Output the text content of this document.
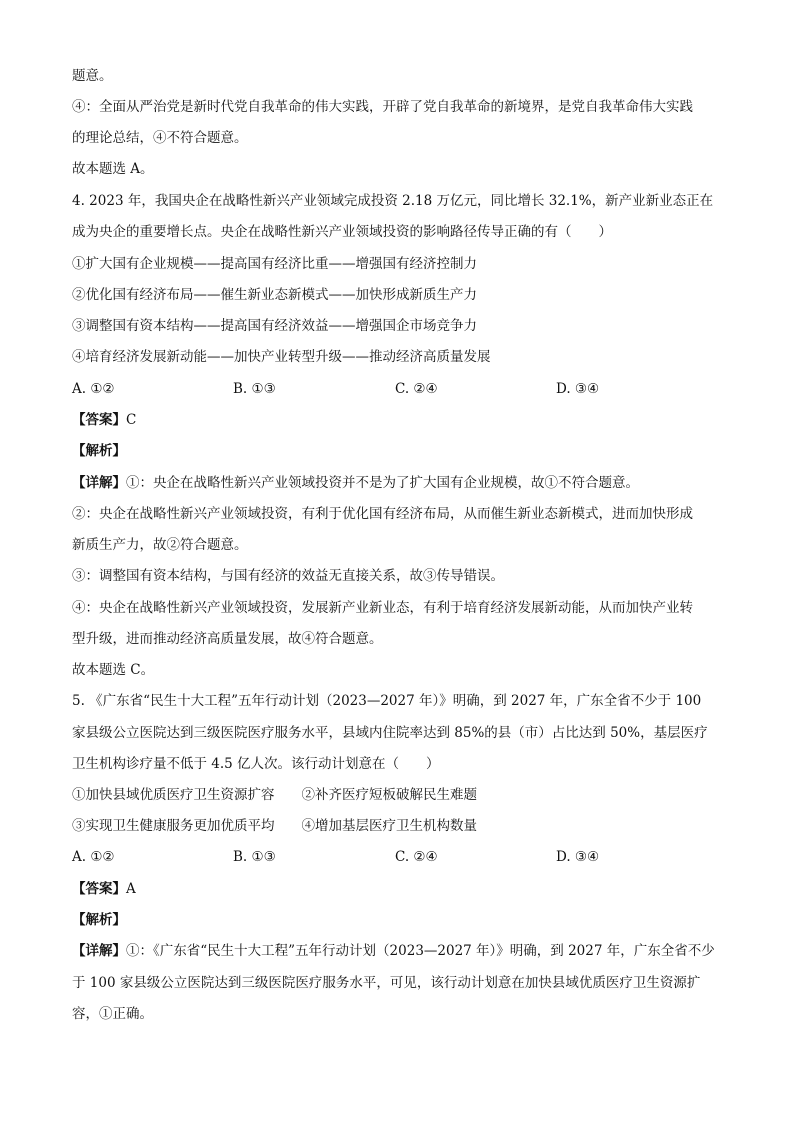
题意。
④：全面从严治党是新时代党自我革命的伟大实践，开辟了党自我革命的新境界，是党自我革命伟大实践
的理论总结，④不符合题意。
故本题选 A。
4. 2023 年，我国央企在战略性新兴产业领域完成投资 2.18 万亿元，同比增长 32.1%，新产业新业态正在
成为央企的重要增长点。央企在战略性新兴产业领域投资的影响路径传导正确的有（　　）
①扩大国有企业规模——提高国有经济比重——增强国有经济控制力
②优化国有经济布局——催生新业态新模式——加快形成新质生产力
③调整国有资本结构——提高国有经济效益——增强国企市场竞争力
④培育经济发展新动能——加快产业转型升级——推动经济高质量发展
A. ①②	B. ①③	C. ②④	D. ③④
【答案】C
【解析】
【详解】①：央企在战略性新兴产业领域投资并不是为了扩大国有企业规模，故①不符合题意。
②：央企在战略性新兴产业领域投资，有利于优化国有经济布局，从而催生新业态新模式，进而加快形成
新质生产力，故②符合题意。
③：调整国有资本结构，与国有经济的效益无直接关系，故③传导错误。
④：央企在战略性新兴产业领域投资，发展新产业新业态，有利于培育经济发展新动能，从而加快产业转
型升级，进而推动经济高质量发展，故④符合题意。
故本题选 C。
5. 《广东省“民生十大工程”五年行动计划（2023—2027 年）》明确，到 2027 年，广东全省不少于 100
家县级公立医院达到三级医院医疗服务水平，县域内住院率达到 85%的县（市）占比达到 50%，基层医疗
卫生机构诊疗量不低于 4.5 亿人次。该行动计划意在（　　）
①加快县域优质医疗卫生资源扩容　　②补齐医疗短板破解民生难题
③实现卫生健康服务更加优质平均　　④增加基层医疗卫生机构数量
A. ①②	B. ①③	C. ②④	D. ③④
【答案】A
【解析】
【详解】①：《广东省“民生十大工程”五年行动计划（2023—2027 年）》明确，到 2027 年，广东全省不少
于 100 家县级公立医院达到三级医院医疗服务水平，可见，该行动计划意在加快县域优质医疗卫生资源扩
容，①正确。
